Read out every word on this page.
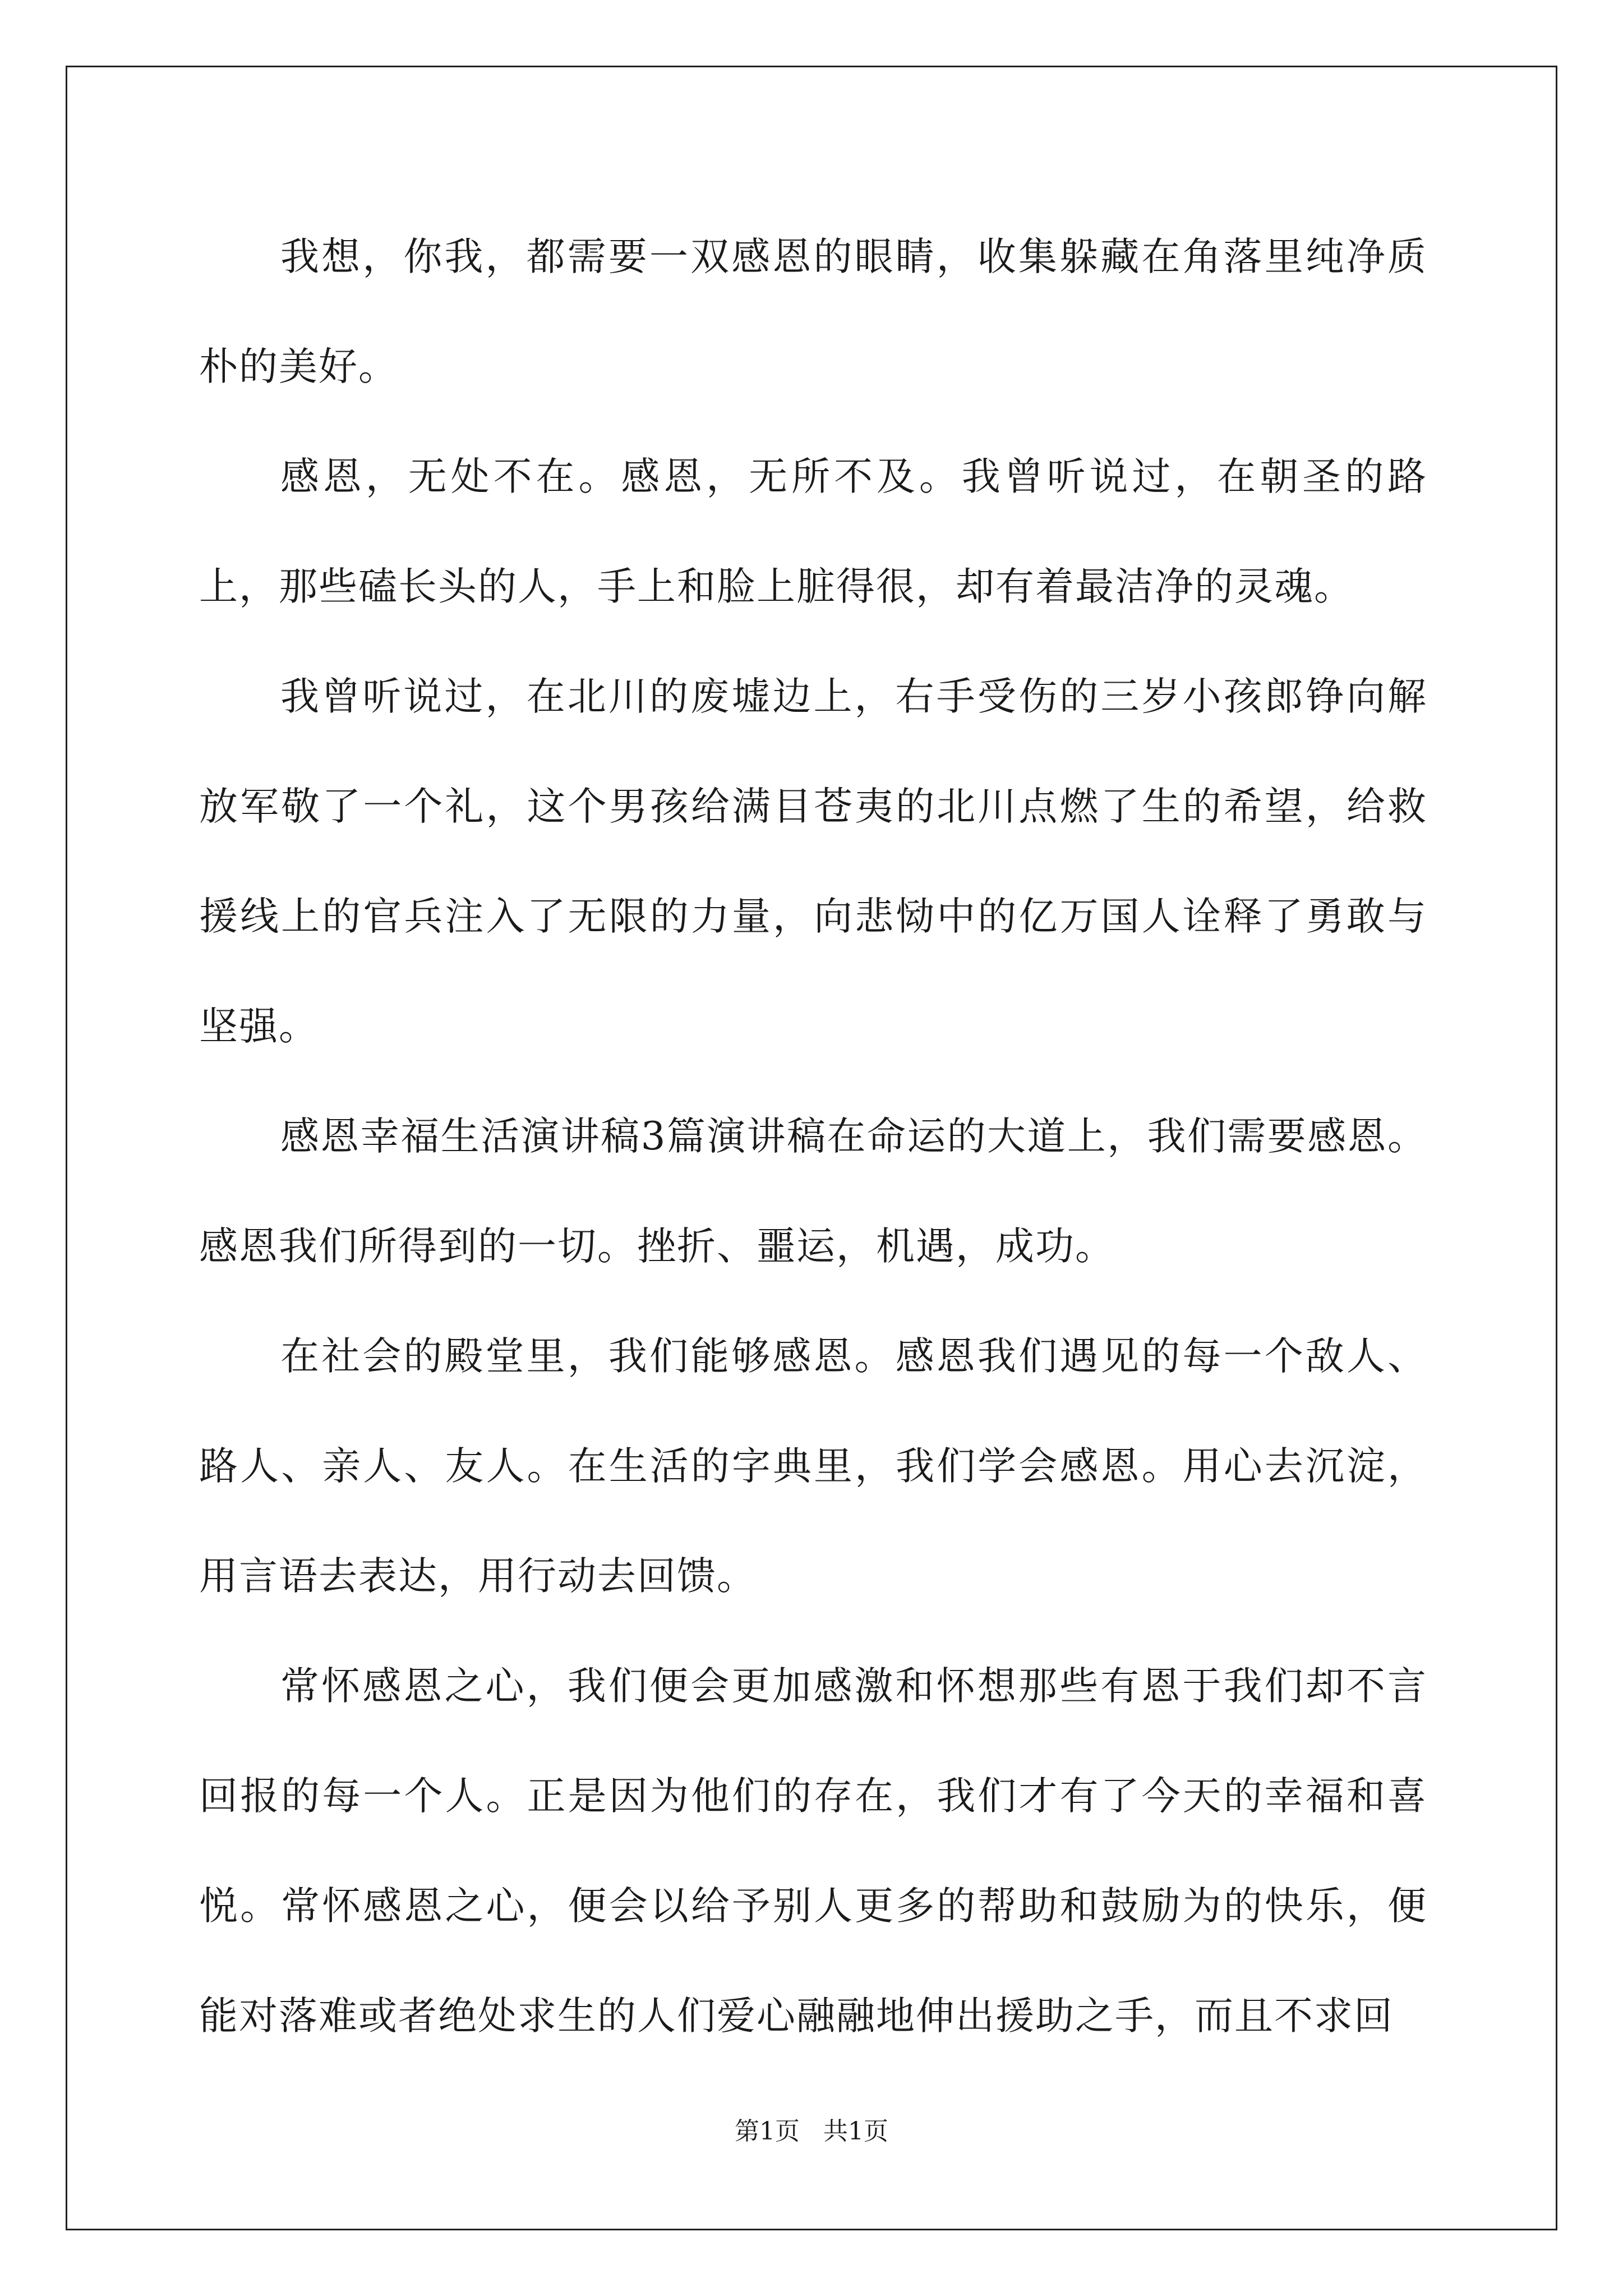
我想，你我，都需要一双感恩的眼睛，收集躲藏在角落里纯净质朴的美好。

感恩，无处不在。感恩，无所不及。我曾听说过，在朝圣的路上，那些磕长头的人，手上和脸上脏得很，却有着最洁净的灵魂。

我曾听说过，在北川的废墟边上，右手受伤的三岁小孩郎铮向解放军敬了一个礼，这个男孩给满目苍夷的北川点燃了生的希望，给救援线上的官兵注入了无限的力量，向悲恸中的亿万国人诠释了勇敢与坚强。

感恩幸福生活演讲稿3篇演讲稿在命运的大道上，我们需要感恩。感恩我们所得到的一切。挫折、噩运，机遇，成功。

在社会的殿堂里，我们能够感恩。感恩我们遇见的每一个敌人、路人、亲人、友人。在生活的字典里，我们学会感恩。用心去沉淀，用言语去表达，用行动去回馈。

常怀感恩之心，我们便会更加感激和怀想那些有恩于我们却不言回报的每一个人。正是因为他们的存在，我们才有了今天的幸福和喜悦。常怀感恩之心，便会以给予别人更多的帮助和鼓励为的快乐，便能对落难或者绝处求生的人们爱心融融地伸出援助之手，而且不求回

第1页   共1页
